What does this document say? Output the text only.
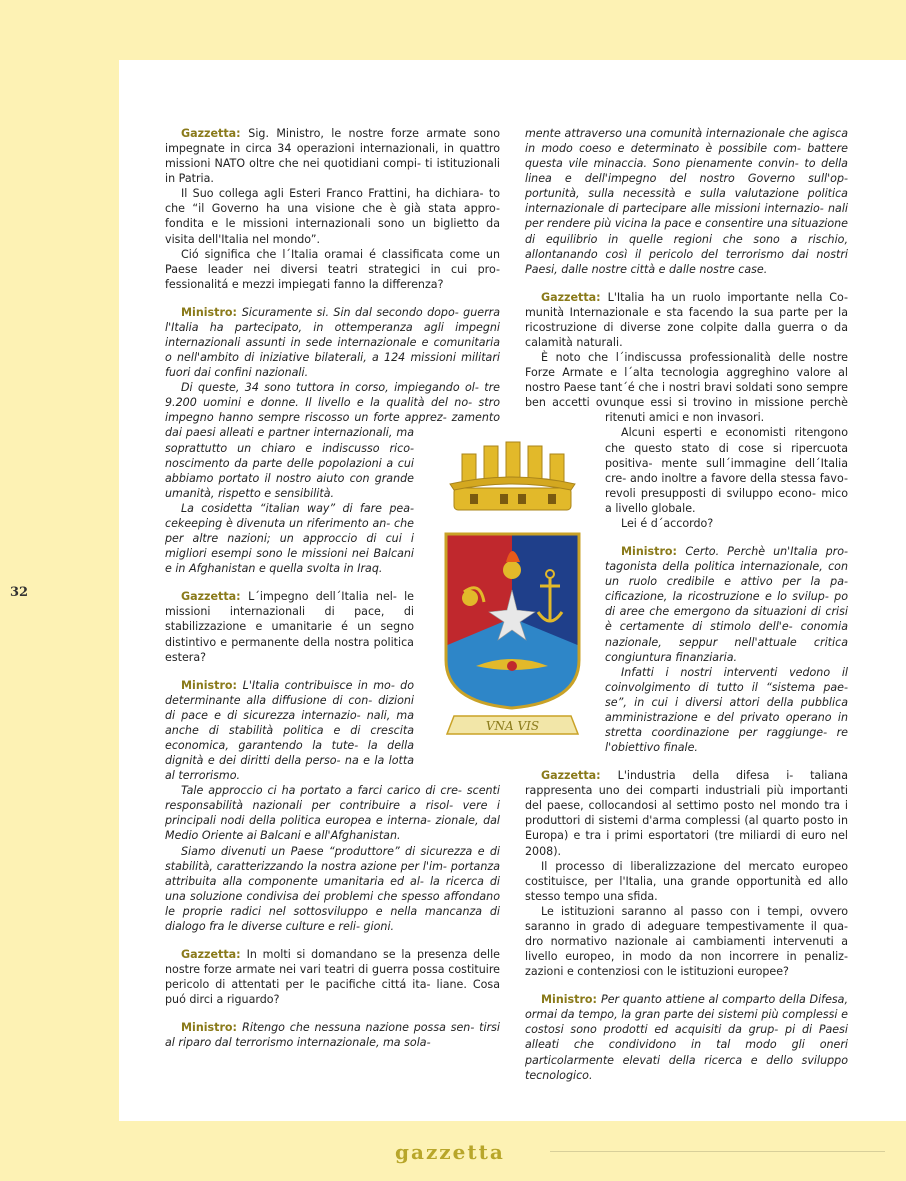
32

Gazzetta: Sig. Ministro, le nostre forze armate sono impegnate in circa 34 operazioni internazionali, in quattro missioni NATO oltre che nei quotidiani compi- ti istituzionali in Patria.

Il Suo collega agli Esteri Franco Frattini, ha dichiara- to che “il Governo ha una visione che è già stata appro- fondita e le missioni internazionali sono un biglietto da visita dell'Italia nel mondo”.

Ció significa che l´Italia oramai é classificata come un Paese leader nei diversi teatri strategici in cui pro- fessionalitá e mezzi impiegati fanno la differenza?

Ministro: Sicuramente si. Sin dal secondo dopo- guerra l'Italia ha partecipato, in ottemperanza agli impegni internazionali assunti in sede internazionale e comunitaria o nell'ambito di iniziative bilaterali, a 124 missioni militari fuori dai confini nazionali.

Di queste, 34 sono tuttora in corso, impiegando ol- tre 9.200 uomini e donne. Il livello e la qualità del no- stro impegno hanno sempre riscosso un forte apprez- zamento dai paesi alleati e partner internazionali, ma soprattutto un chiaro e indiscusso rico- noscimento da parte delle popolazioni a cui abbiamo portato il nostro aiuto con grande umanità, rispetto e sensibilità.

La cosidetta “italian way” di fare pea- cekeeping è divenuta un riferimento an- che per altre nazioni; un approccio di cui i migliori esempi sono le missioni nei Balcani e in Afghanistan e quella svolta in Iraq.

Gazzetta: L´impegno dell´Italia nel- le missioni internazionali di pace, di stabilizzazione e umanitarie é un segno distintivo e permanente della nostra politica estera?

Ministro: L'Italia contribuisce in mo- do determinante alla diffusione di con- dizioni di pace e di sicurezza internazio- nali, ma anche di stabilità politica e di crescita economica, garantendo la tute- la della dignità e dei diritti della perso- na e la lotta al terrorismo.

Tale approccio ci ha portato a farci carico di cre- scenti responsabilità nazionali per contribuire a risol- vere i principali nodi della politica europea e interna- zionale, dal Medio Oriente ai Balcani e all'Afghanistan.

Siamo divenuti un Paese “produttore” di sicurezza e di stabilità, caratterizzando la nostra azione per l'im- portanza attribuita alla componente umanitaria ed al- la ricerca di una soluzione condivisa dei problemi che spesso affondano le proprie radici nel sottosviluppo e nella mancanza di dialogo fra le diverse culture e reli- gioni.

Gazzetta: In molti si domandano se la presenza delle nostre forze armate nei vari teatri di guerra possa costituire pericolo di attentati per le pacifiche cittá ita- liane. Cosa puó dirci a riguardo?

Ministro: Ritengo che nessuna nazione possa sen- tirsi al riparo dal terrorismo internazionale, ma sola-

mente attraverso una comunità internazionale che agisca in modo coeso e determinato è possibile com- battere questa vile minaccia. Sono pienamente convin- to della linea e dell'impegno del nostro Governo sull'op- portunità, sulla necessità e sulla valutazione politica internazionale di partecipare alle missioni internazio- nali per rendere più vicina la pace e consentire una situazione di equilibrio in quelle regioni che sono a rischio, allontanando così il pericolo del terrorismo dai nostri Paesi, dalle nostre città e dalle nostre case.

Gazzetta: L'Italia ha un ruolo importante nella Co- munità Internazionale e sta facendo la sua parte per la ricostruzione di diverse zone colpite dalla guerra o da calamità naturali.

È noto che l´indiscussa professionalità delle nostre Forze Armate e l´alta tecnologia aggreghino valore al nostro Paese tant´é che i nostri bravi soldati sono sempre ben accetti ovunque essi si trovino in missione perchè ritenuti amici e non invasori.

Alcuni esperti e economisti ritengono che questo stato di cose si ripercuota positiva- mente sull´immagine dell´Italia cre- ando inoltre a favore della stessa favo- revoli presupposti di sviluppo econo- mico a livello globale.

Lei é d´accordo?

Ministro: Certo. Perchè un'Italia pro- tagonista della politica internazionale, con un ruolo credibile e attivo per la pa- cificazione, la ricostruzione e lo svilup- po di aree che emergono da situazioni di crisi è certamente di stimolo dell'e- conomia nazionale, seppur nell'attuale critica congiuntura finanziaria.

Infatti i nostri interventi vedono il coinvolgimento di tutto il “sistema pae- se”, in cui i diversi attori della pubblica amministrazione e del privato operano in stretta coordinazione per raggiunge- re l'obiettivo finale.

Gazzetta: L'industria della difesa i- taliana rappresenta uno dei comparti industriali più importanti del paese, collocandosi al settimo posto nel mondo tra i produttori di sistemi d'arma complessi (al quarto posto in Europa) e tra i primi esportatori (tre miliardi di euro nel 2008).

Il processo di liberalizzazione del mercato europeo costituisce, per l'Italia, una grande opportunità ed allo stesso tempo una sfida.

Le istituzioni saranno al passo con i tempi, ovvero saranno in grado di adeguare tempestivamente il qua- dro normativo nazionale ai cambiamenti intervenuti a livello europeo, in modo da non incorrere in penaliz- zazioni e contenziosi con le istituzioni europee?

Ministro: Per quanto attiene al comparto della Difesa, ormai da tempo, la gran parte dei sistemi più complessi e costosi sono prodotti ed acquisiti da grup- pi di Paesi alleati che condividono in tal modo gli oneri particolarmente elevati della ricerca e dello sviluppo tecnologico.

VNA VIS
gazzetta
